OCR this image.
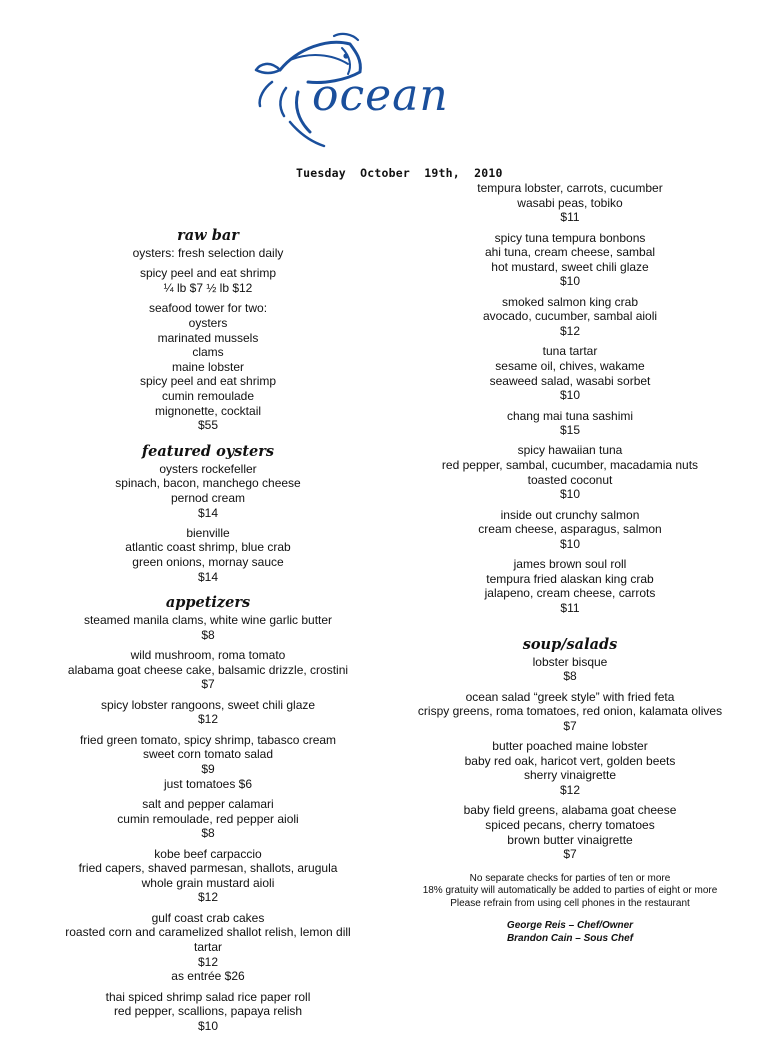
ocean
Tuesday  October  19th,  2010
raw bar
oysters: fresh selection daily
spicy peel and eat shrimp
¼ lb $7 ½ lb $12
seafood tower for two:
oysters
marinated mussels
clams
maine lobster
spicy peel and eat shrimp
cumin remoulade
mignonette, cocktail
$55
featured oysters
oysters rockefeller
spinach, bacon, manchego cheese
pernod cream
$14
bienville
atlantic coast shrimp, blue crab
green onions, mornay sauce
$14
appetizers
steamed manila clams, white wine garlic butter
$8
wild mushroom, roma tomato
alabama goat cheese cake, balsamic drizzle, crostini
$7
spicy lobster rangoons, sweet chili glaze
$12
fried green tomato, spicy shrimp, tabasco cream
sweet corn tomato salad
$9
just tomatoes $6
salt and pepper calamari
cumin remoulade, red pepper aioli
$8
kobe beef carpaccio
fried capers, shaved parmesan, shallots, arugula
whole grain mustard aioli
$12
gulf coast crab cakes
roasted corn and caramelized shallot relish, lemon dill
tartar
$12
as entrée $26
thai spiced shrimp salad rice paper roll
red pepper, scallions, papaya relish
$10
tempura lobster, carrots, cucumber
wasabi peas, tobiko
$11
spicy tuna tempura bonbons
ahi tuna, cream cheese, sambal
hot mustard, sweet chili glaze
$10
smoked salmon king crab
avocado, cucumber, sambal aioli
$12
tuna tartar
sesame oil, chives, wakame
seaweed salad, wasabi sorbet
$10
chang mai tuna sashimi
$15
spicy hawaiian tuna
red pepper, sambal, cucumber, macadamia nuts
toasted coconut
$10
inside out crunchy salmon
cream cheese, asparagus, salmon
$10
james brown soul roll
tempura fried alaskan king crab
jalapeno, cream cheese, carrots
$11
soup/salads
lobster bisque
$8
ocean salad “greek style” with fried feta
crispy greens, roma tomatoes, red onion, kalamata olives
$7
butter poached maine lobster
baby red oak, haricot vert, golden beets
sherry vinaigrette
$12
baby field greens, alabama goat cheese
spiced pecans, cherry tomatoes
brown butter vinaigrette
$7
No separate checks for parties of ten or more
18% gratuity will automatically be added to parties of eight or more
Please refrain from using cell phones in the restaurant
George Reis – Chef/Owner
Brandon Cain – Sous Chef
